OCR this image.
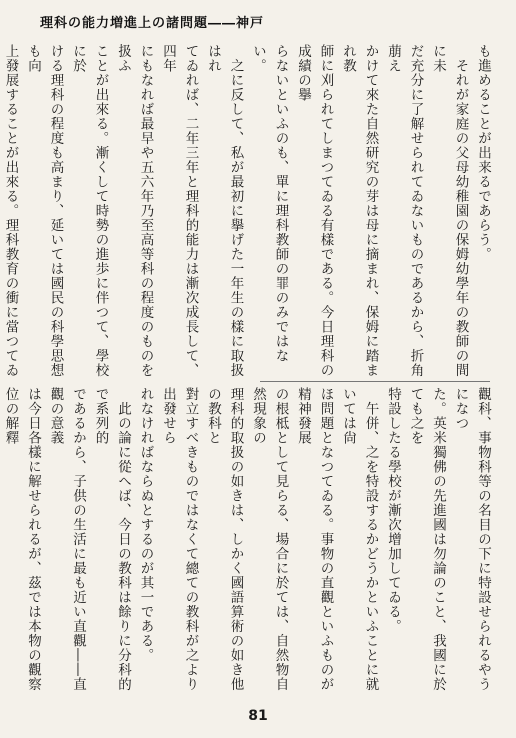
理科の能力増進上の諸問題――神戸

も進めることが出来るであらう。

　それが家庭の父母幼稚園の保姆幼學年の教師の間に未

だ充分に了解せられてゐないものであるから、折角萠え

かけて來た自然研究の芽は母に摘まれ、保姆に踏まれ教

師に刈られてしまつてゐる有樣である。今日理科の成績の擧

らないといふのも、單に理科教師の罪のみではない。

　之に反して、私が最初に擧げた一年生の樣に取扱はれ

てゐれば、二年三年と理科的能力は漸次成長して、四年

にもなれば最早や五六年乃至高等科の程度のものを扱ふ

ことが出來る。漸くして時勢の進歩に伴つて、學校に於

ける理科の程度も高まり、延いては國民の科學思想も向

上發展することが出來る。理科教育の衝に當つてゐ

觀科、事物科等の名目の下に特設せられるやうになつ

た。英米獨佛の先進國は勿論のこと、我國に於ても之を

特設したる學校が漸次增加してゐる。

　午併、之を特設するかどうかといふことに就いては尙

ほ問題となつてゐる。事物の直觀といふものが精神發展

の根柢として見らる、場合に於ては、自然物自然現象の

理科的取扱の如きは、しかく國語算術の如き他の教科と

對立すべきものではなくて總ての教科が之より出發せら

れなければならぬとするのが其一である。

　此の論に從へば、今日の教科は餘りに分科的で系列的

であるから、子供の生活に最も近い直觀――直觀の意義

は今日各樣に解せられるが、茲では本物の觀察位の解釋

81
